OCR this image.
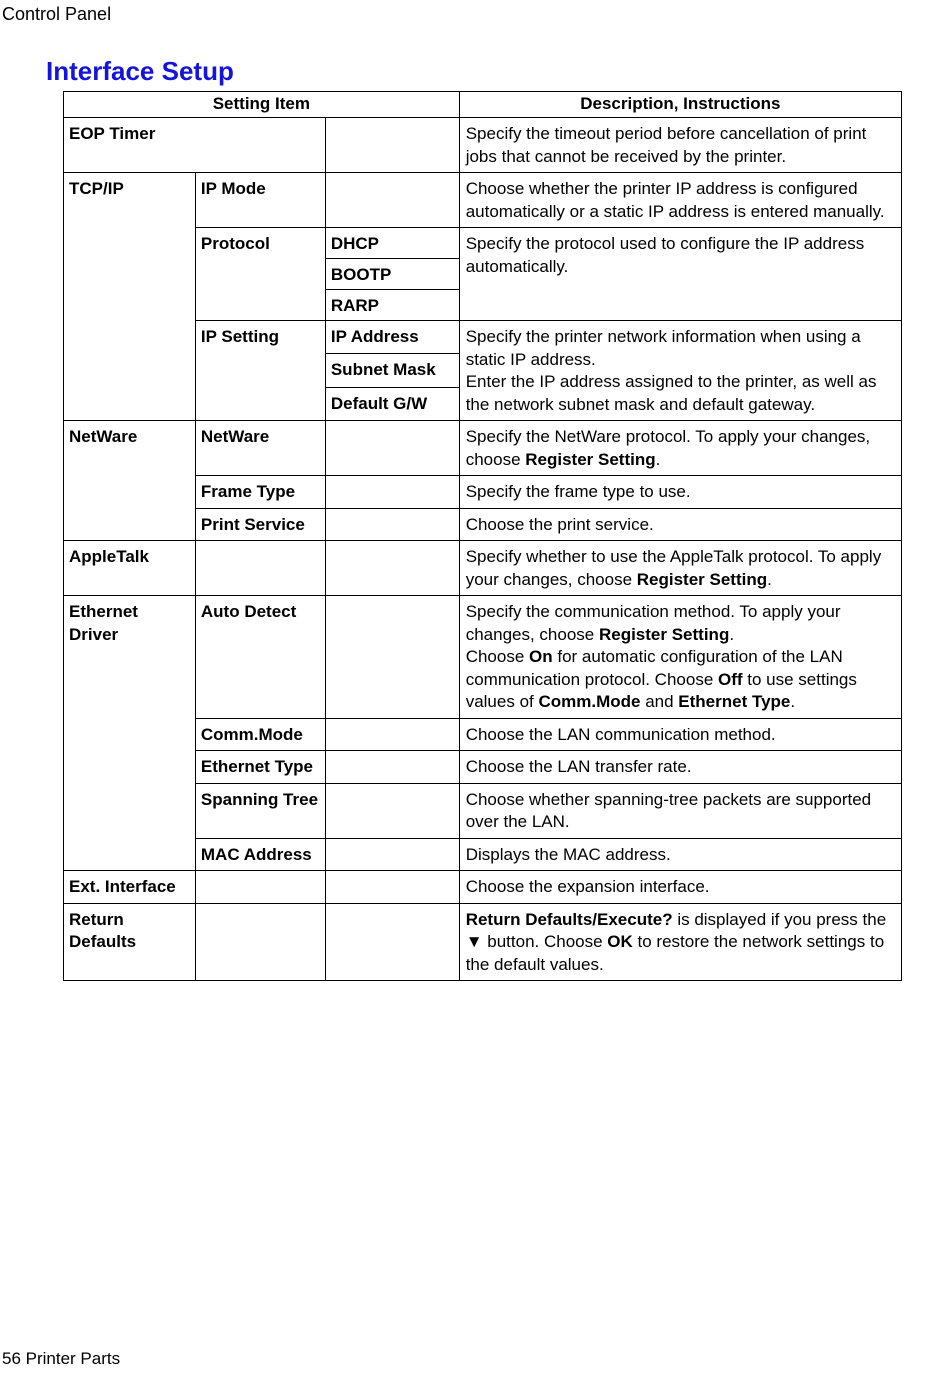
Control Panel
Interface Setup
Setting Item			Description, Instructions
EOP Timer			Specify the timeout period before cancellation of print jobs that cannot be received by the printer.
TCP/IP	IP Mode		Choose whether the printer IP address is configured automatically or a static IP address is entered manually.
	Protocol	DHCP	Specify the protocol used to configure the IP address automatically.
		BOOTP	
		RARP	
	IP Setting	IP Address	Specify the printer network information when using a static IP address.
Enter the IP address assigned to the printer, as well as the network subnet mask and default gateway.
		Subnet Mask	
		Default G/W	
NetWare	NetWare		Specify the NetWare protocol. To apply your changes, choose Register Setting.
	Frame Type		Specify the frame type to use.
	Print Service		Choose the print service.
AppleTalk			Specify whether to use the AppleTalk protocol. To apply your changes, choose Register Setting.
Ethernet Driver	Auto Detect		Specify the communication method. To apply your changes, choose Register Setting.
Choose On for automatic configuration of the LAN communication protocol. Choose Off to use settings values of Comm.Mode and Ethernet Type.
	Comm.Mode		Choose the LAN communication method.
	Ethernet Type		Choose the LAN transfer rate.
	Spanning Tree		Choose whether spanning-tree packets are supported over the LAN.
	MAC Address		Displays the MAC address.
Ext. Interface			Choose the expansion interface.
Return Defaults			Return Defaults/Execute? is displayed if you press the ▼ button. Choose OK to restore the network settings to the default values.
56 Printer Parts
